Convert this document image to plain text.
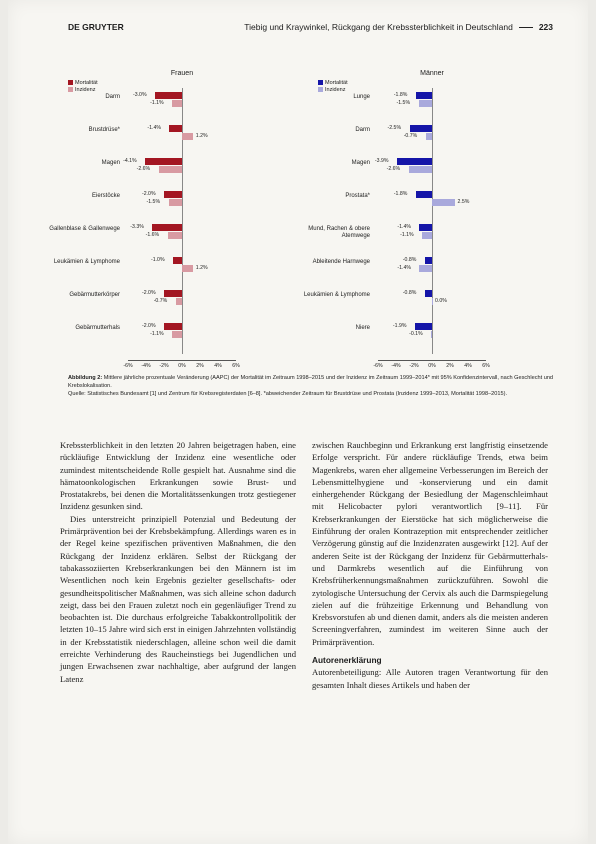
DE GRUYTER	Tiebig und Kraywinkel, Rückgang der Krebssterblichkeit in Deutschland	223
Frauen
Mortalität
Inzidenz
Darm	-3.0%
-1.1%
Brustdrüse*	-1.4%
1.2%
Magen -4.1%
-2.6%
Eierstöcke	-2.0%
-1.5%
Gallenblase & Gallenwege -3.3%
-1.6%
Leukämien & Lymphome	-1.0%
1.2%
Gebärmutterkörper	-2.0%
-0.7%
Gebärmutterhals	-2.0%
-1.1%
-6%	-4%	-2%	0%	2%	4%	6%
Männer
Mortalität
Inzidenz
Lunge	-1.8%
-1.5%
Darm	-2.5%
-0.7%
Magen -3.9%
-2.6%
Prostata*	-1.8%
2.5%
Mund, Rachen & obere Atemwege
-1.4%
-1.1%
Ableitende Harnwege	-0.8%
-1.4%
Leukämien & Lymphome	-0.8%
0.0%
Niere	-1.9%
-0.1%
-6%	-4%	-2%	0%	2%	4%	6%
Abbildung 2: Mittlere jährliche prozentuale Veränderung (AAPC) der Mortalität im Zeitraum 1998–2015 und der Inzidenz im Zeitraum 1999–2014* mit 95% Konfidenzintervall, nach Geschlecht und Krebslokalisation.
Quelle: Statistisches Bundesamt [1] und Zentrum für Krebsregisterdaten [6–8]. *abweichender Zeitraum für Brustdrüse und Prostata (Inzidenz 1999–2013, Mortalität 1998–2015).

Krebssterblichkeit in den letzten 20 Jahren beigetragen haben, eine rückläufige Entwicklung der Inzidenz eine wesentliche oder zumindest mitentscheidende Rolle gespielt hat. Ausnahme sind die hämatoonkologischen Erkrankungen sowie Brust- und Prostatakrebs, bei denen die Mortalitätssenkungen trotz gestiegener Inzidenz gesunken sind.

Dies unterstreicht prinzipiell Potenzial und Bedeutung der Primärprävention bei der Krebsbekämpfung. Allerdings waren es in der Regel keine spezifischen präventiven Maßnahmen, die den Rückgang der Inzidenz erklären. Selbst der Rückgang der tabakassoziierten Krebserkrankungen bei den Männern ist im Wesentlichen noch kein Ergebnis gezielter gesellschafts- oder gesundheitspolitischer Maßnahmen, was sich alleine schon dadurch zeigt, dass bei den Frauen zuletzt noch ein gegenläufiger Trend zu beobachten ist. Die durchaus erfolgreiche Tabakkontrollpolitik der letzten 10–15 Jahre wird sich erst in einigen Jahrzehnten vollständig in der Krebsstatistik niederschlagen, alleine schon weil die damit erreichte Verhinderung des Raucheinstiegs bei Jugendlichen und jungen Erwachsenen zwar nachhaltige, aber aufgrund der langen Latenz

zwischen Rauchbeginn und Erkrankung erst langfristig einsetzende Erfolge verspricht. Für andere rückläufige Trends, etwa beim Magenkrebs, waren eher allgemeine Verbesserungen im Bereich der Lebensmittelhygiene und -konservierung und ein damit einhergehender Rückgang der Besiedlung der Magenschleimhaut mit Helicobacter pylori verantwortlich [9–11]. Für Krebserkrankungen der Eierstöcke hat sich möglicherweise die Einführung der oralen Kontrazeption mit entsprechender zeitlicher Verzögerung günstig auf die Inzidenzraten ausgewirkt [12]. Auf der anderen Seite ist der Rückgang der Inzidenz für Gebärmutterhals- und Darmkrebs wesentlich auf die Einführung von Krebsfrüherkennungsmaßnahmen zurückzuführen. Sowohl die zytologische Untersuchung der Cervix als auch die Darmspiegelung zielen auf die frühzeitige Erkennung und Behandlung von Krebsvorstufen ab und dienen damit, anders als die meisten anderen Screeningverfahren, zumindest im weiteren Sinne auch der Primärprävention.

Autorenerklärung

Autorenbeteiligung: Alle Autoren tragen Verantwortung für den gesamten Inhalt dieses Artikels und haben der
